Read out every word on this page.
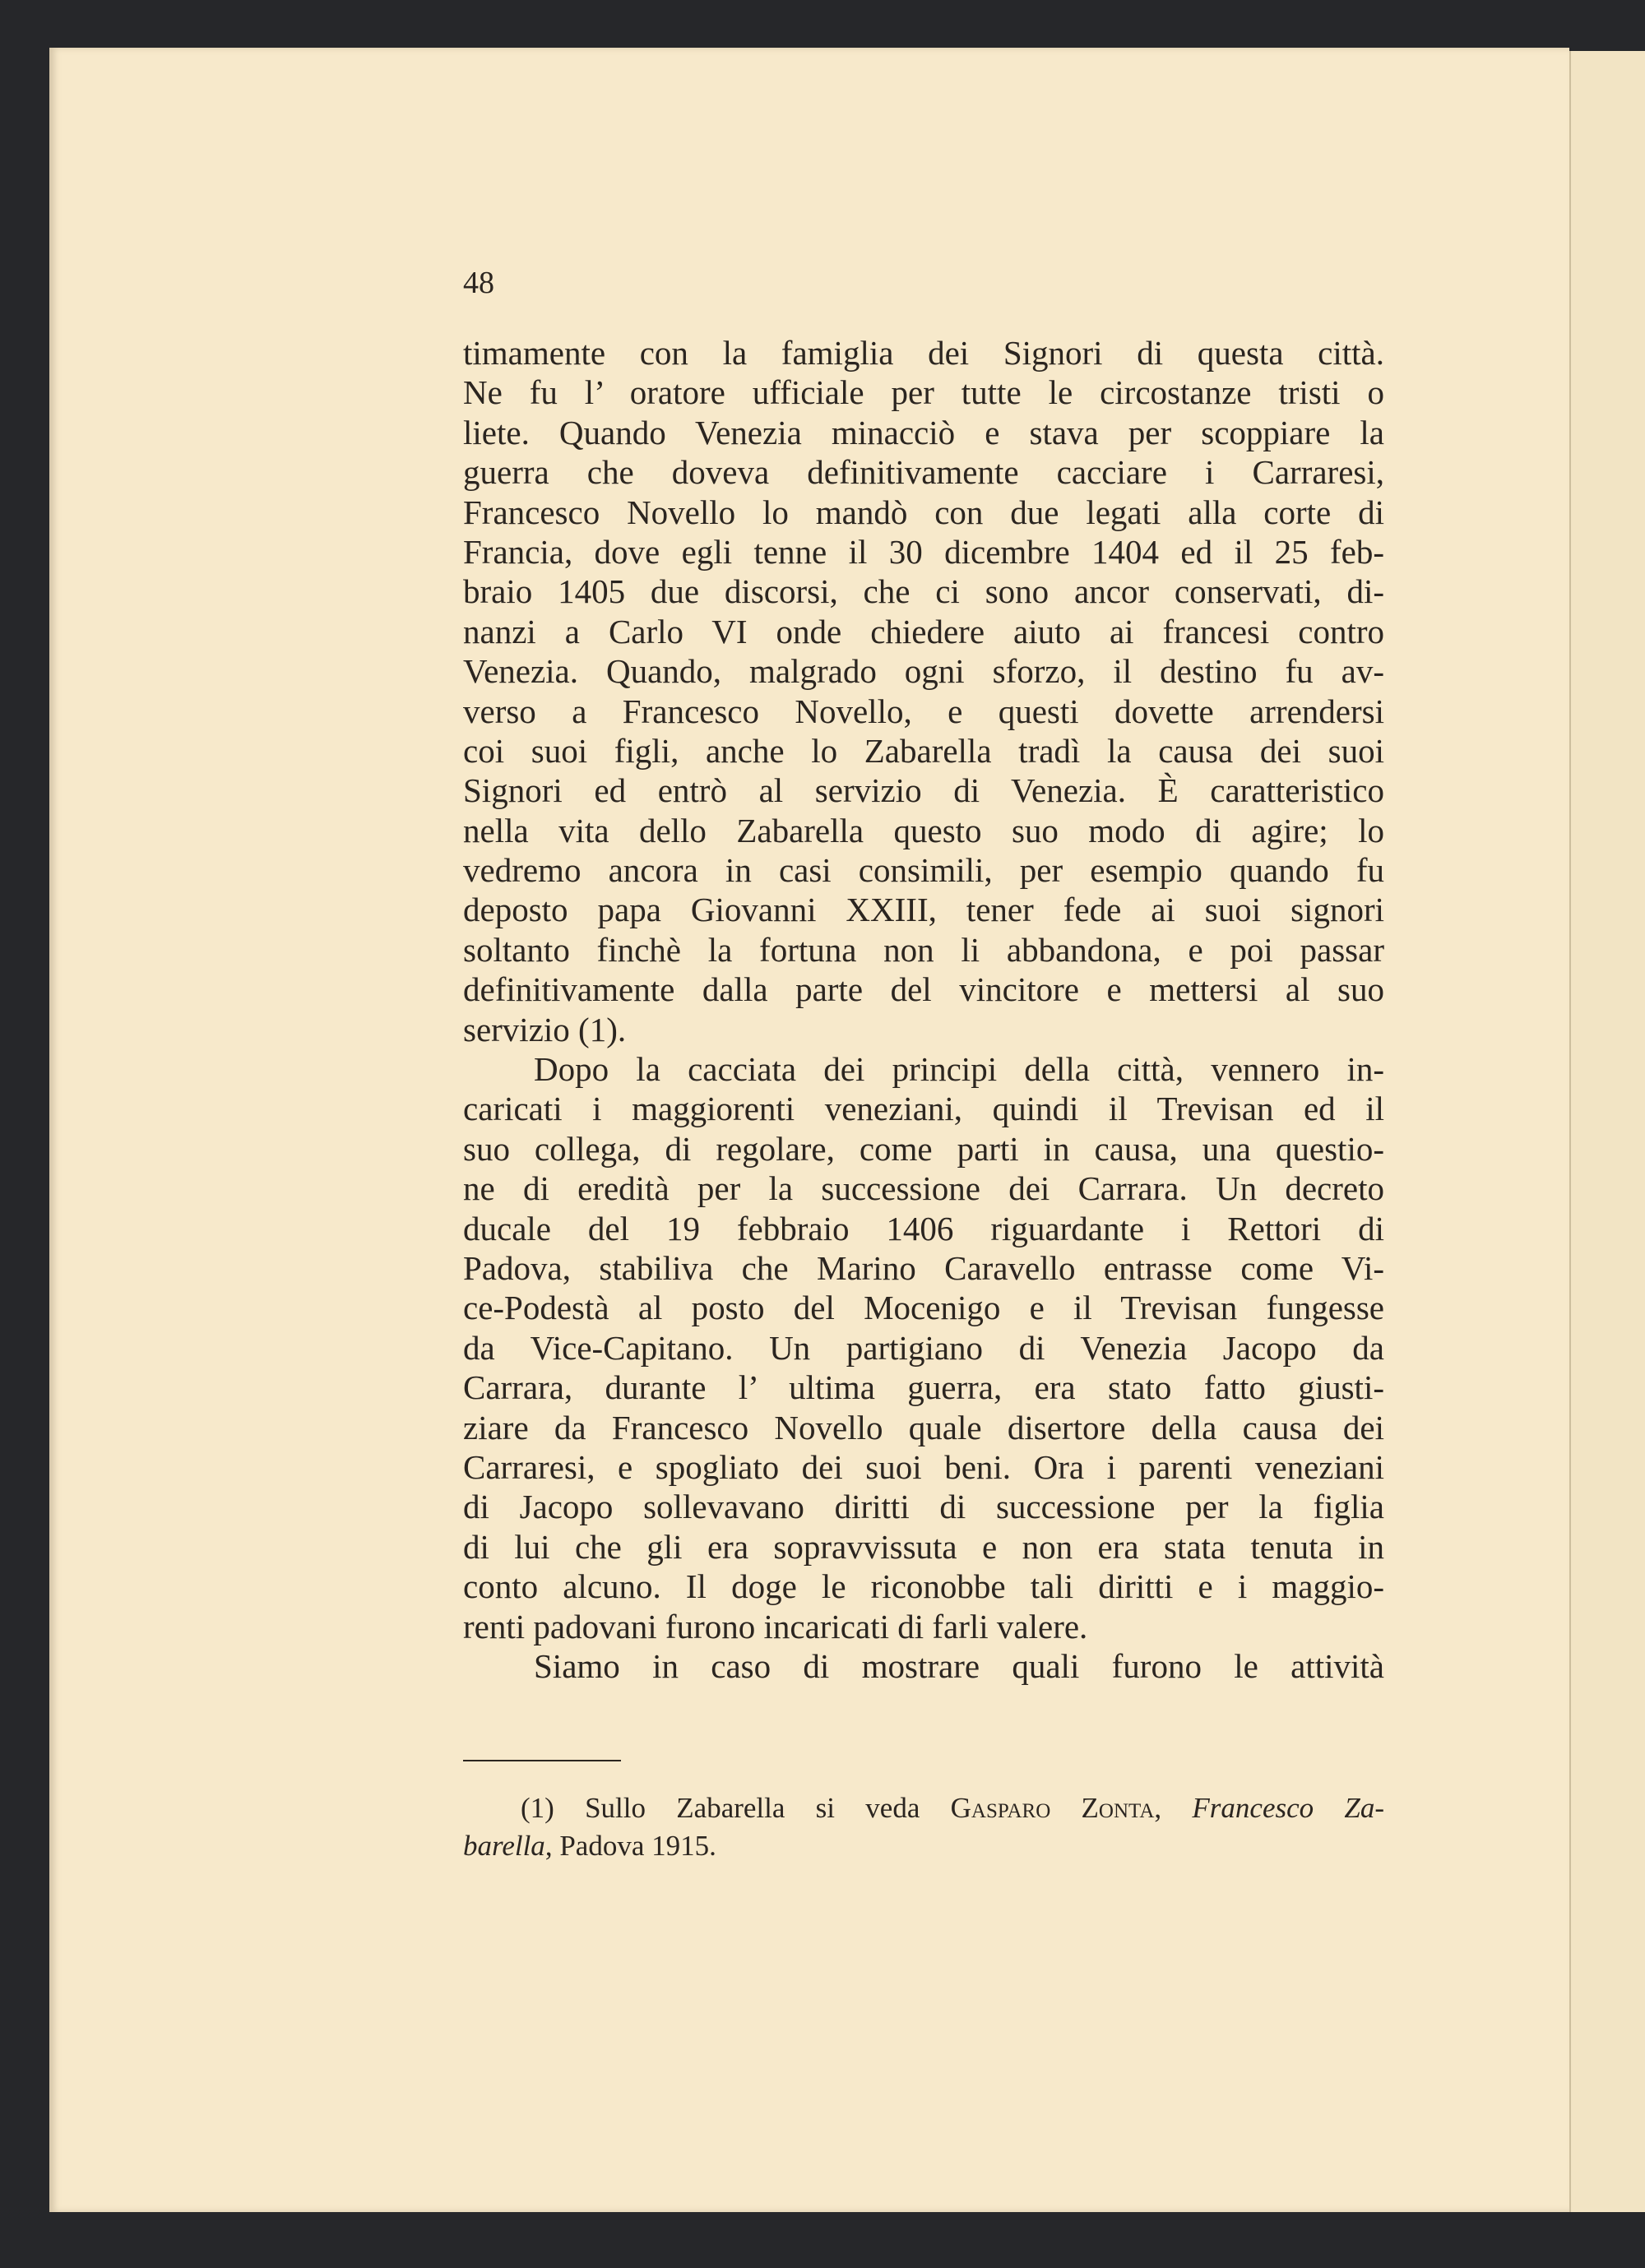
48
timamente con la famiglia dei Signori di questa città.
Ne fu l’ oratore ufficiale per tutte le circostanze tristi o
liete. Quando Venezia minacciò e stava per scoppiare la
guerra che doveva definitivamente cacciare i Carraresi,
Francesco Novello lo mandò con due legati alla corte di
Francia, dove egli tenne il 30 dicembre 1404 ed il 25 feb-
braio 1405 due discorsi, che ci sono ancor conservati, di-
nanzi a Carlo VI onde chiedere aiuto ai francesi contro
Venezia. Quando, malgrado ogni sforzo, il destino fu av-
verso a Francesco Novello, e questi dovette arrendersi
coi suoi figli, anche lo Zabarella tradì la causa dei suoi
Signori ed entrò al servizio di Venezia. È caratteristico
nella vita dello Zabarella questo suo modo di agire; lo
vedremo ancora in casi consimili, per esempio quando fu
deposto papa Giovanni XXIII, tener fede ai suoi signori
soltanto finchè la fortuna non li abbandona, e poi passar
definitivamente dalla parte del vincitore e mettersi al suo
servizio (1).
Dopo la cacciata dei principi della città, vennero in-
caricati i maggiorenti veneziani, quindi il Trevisan ed il
suo collega, di regolare, come parti in causa, una questio-
ne di eredità per la successione dei Carrara. Un decreto
ducale del 19 febbraio 1406 riguardante i Rettori di
Padova, stabiliva che Marino Caravello entrasse come Vi-
ce-Podestà al posto del Mocenigo e il Trevisan fungesse
da Vice-Capitano. Un partigiano di Venezia Jacopo da
Carrara, durante l’ ultima guerra, era stato fatto giusti-
ziare da Francesco Novello quale disertore della causa dei
Carraresi, e spogliato dei suoi beni. Ora i parenti veneziani
di Jacopo sollevavano diritti di successione per la figlia
di lui che gli era sopravvissuta e non era stata tenuta in
conto alcuno. Il doge le riconobbe tali diritti e i maggio-
renti padovani furono incaricati di farli valere.
Siamo in caso di mostrare quali furono le attività
(1) Sullo Zabarella si veda Gasparo Zonta, Francesco Za-
barella, Padova 1915.
